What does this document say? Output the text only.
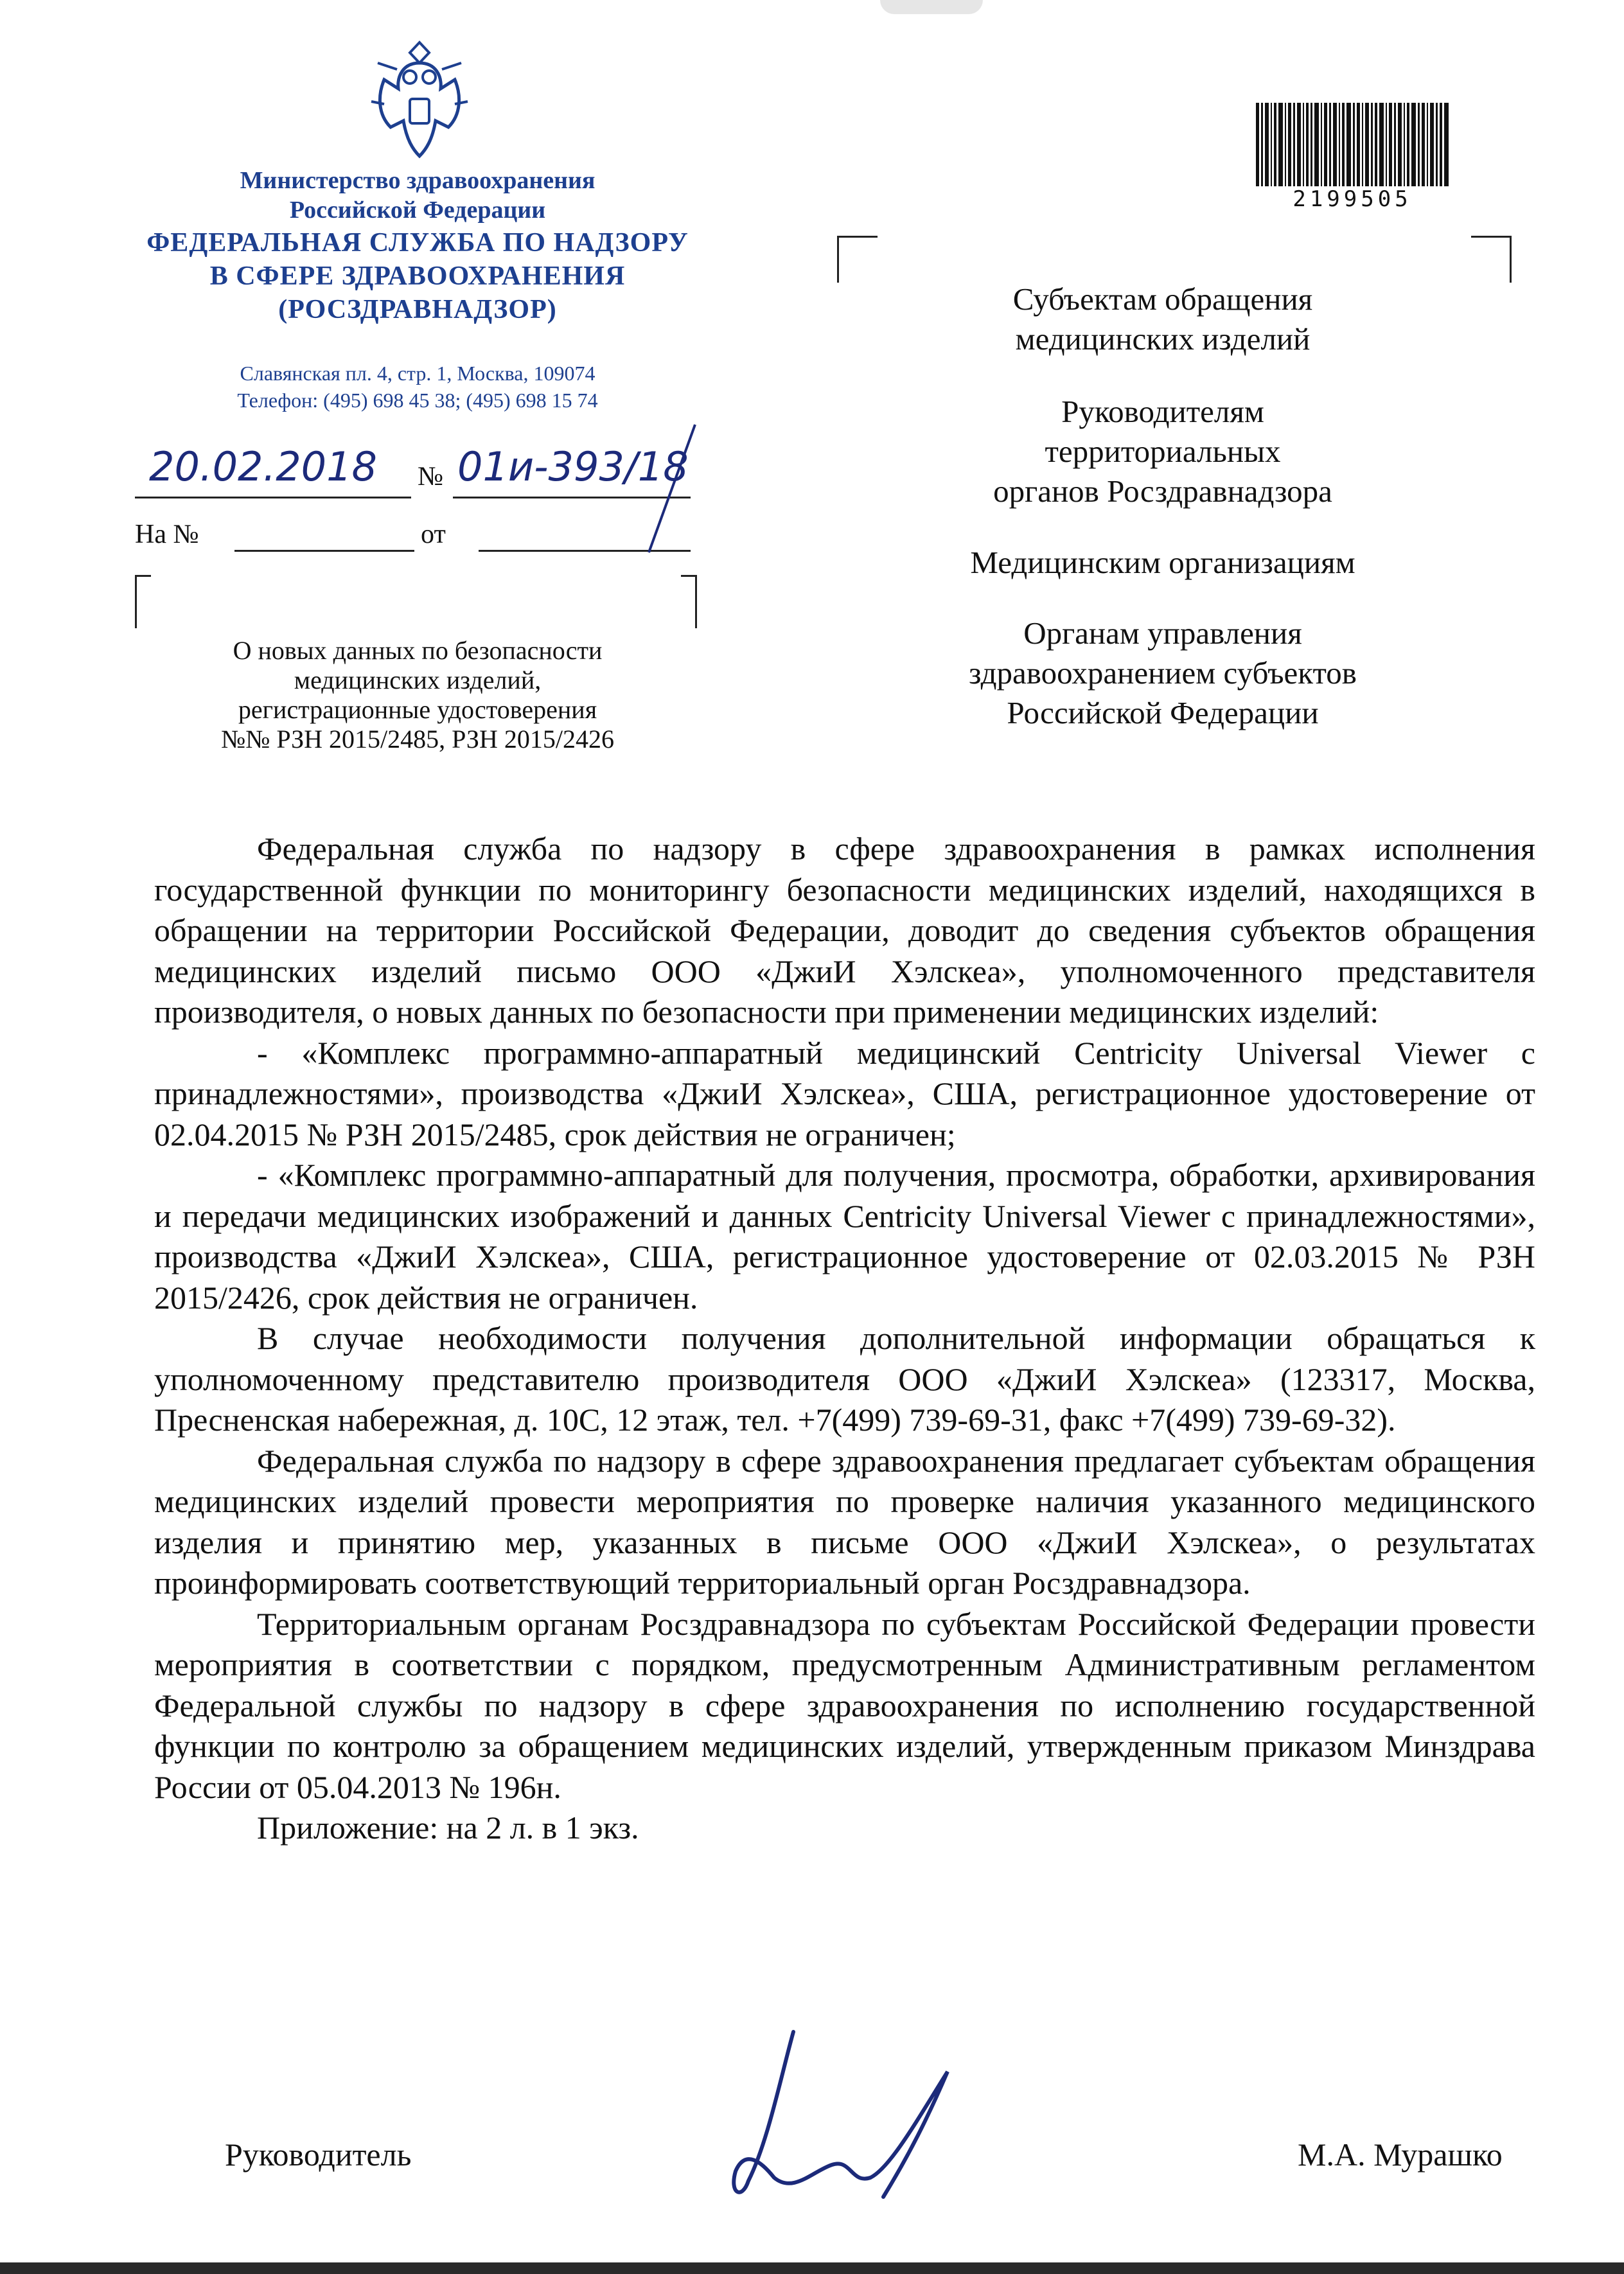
Министерство здравоохранения
Российской Федерации
ФЕДЕРАЛЬНАЯ СЛУЖБА ПО НАДЗОРУ
В СФЕРЕ ЗДРАВООХРАНЕНИЯ
(РОСЗДРАВНАДЗОР)
Славянская пл. 4, стр. 1, Москва, 109074
Телефон: (495) 698 45 38; (495) 698 15 74
20.02.2018 № 01и-393/18
На №	от
О новых данных по безопасности
медицинских изделий,
регистрационные удостоверения
№№ РЗН 2015/2485, РЗН 2015/2426
2199505
Субъектам обращения
медицинских изделий
Руководителям
территориальных
органов Росздравнадзора
Медицинским организациям
Органам управления
здравоохранением субъектов
Российской Федерации

Федеральная служба по надзору в сфере здравоохранения в рамках исполнения государственной функции по мониторингу безопасности медицинских изделий, находящихся в обращении на территории Российской Федерации, доводит до сведения субъектов обращения медицинских изделий письмо ООО «ДжиИ Хэлскеа», уполномоченного представителя производителя, о новых данных по безопасности при применении медицинских изделий:

- «Комплекс программно-аппаратный медицинский Centricity Universal Viewer с принадлежностями», производства «ДжиИ Хэлскеа», США, регистрационное удостоверение от 02.04.2015 № РЗН 2015/2485, срок действия не ограничен;

- «Комплекс программно-аппаратный для получения, просмотра, обработки, архивирования и передачи медицинских изображений и данных Centricity Universal Viewer с принадлежностями», производства «ДжиИ Хэлскеа», США, регистрационное удостоверение от 02.03.2015 № РЗН 2015/2426, срок действия не ограничен.

В случае необходимости получения дополнительной информации обращаться к уполномоченному представителю производителя ООО «ДжиИ Хэлскеа» (123317, Москва, Пресненская набережная, д. 10С, 12 этаж, тел. +7(499) 739-69-31, факс +7(499) 739-69-32).

Федеральная служба по надзору в сфере здравоохранения предлагает субъектам обращения медицинских изделий провести мероприятия по проверке наличия указанного медицинского изделия и принятию мер, указанных в письме ООО «ДжиИ Хэлскеа», о результатах проинформировать соответствующий территориальный орган Росздравнадзора.

Территориальным органам Росздравнадзора по субъектам Российской Федерации провести мероприятия в соответствии с порядком, предусмотренным Административным регламентом Федеральной службы по надзору в сфере здравоохранения по исполнению государственной функции по контролю за обращением медицинских изделий, утвержденным приказом Минздрава России от 05.04.2013 № 196н.

Приложение: на 2 л. в 1 экз.

Руководитель	М.А. Мурашко
